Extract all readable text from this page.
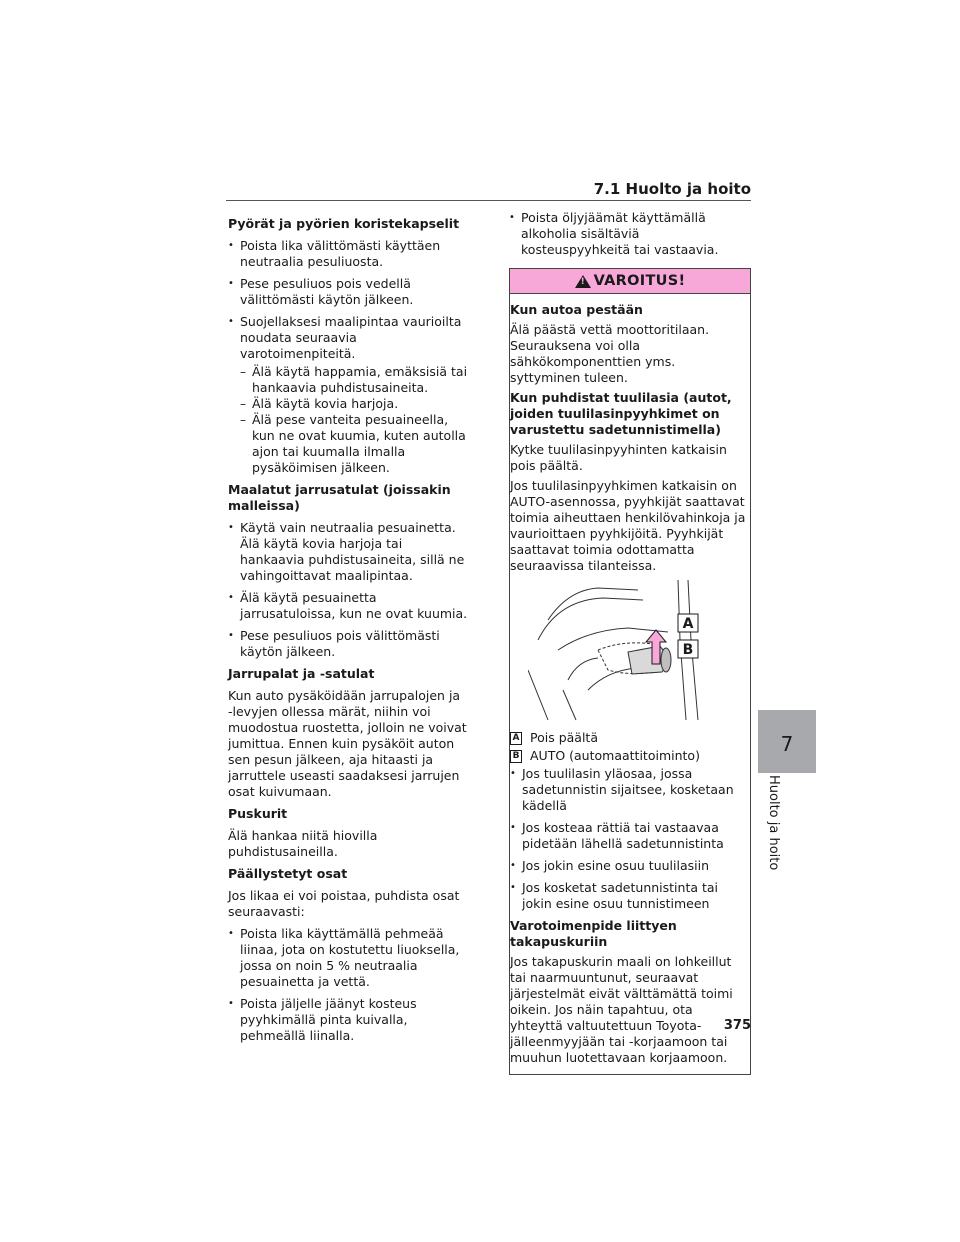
7.1 Huolto ja hoito
Pyörät ja pyörien koristekapselit
• Poista lika välittömästi käyttäen neutraalia pesuliuosta.
• Pese pesuliuos pois vedellä välittömästi käytön jälkeen.
• Suojellaksesi maalipintaa vaurioilta noudata seuraavia varotoimenpiteitä.
– Älä käytä happamia, emäksisiä tai hankaavia puhdistusaineita.
– Älä käytä kovia harjoja.
– Älä pese vanteita pesuaineella, kun ne ovat kuumia, kuten autolla ajon tai kuumalla ilmalla pysäköimisen jälkeen.
Maalatut jarrusatulat (joissakin malleissa)
• Käytä vain neutraalia pesuainetta. Älä käytä kovia harjoja tai hankaavia puhdistusaineita, sillä ne vahingoittavat maalipintaa.
• Älä käytä pesuainetta jarrusatuloissa, kun ne ovat kuumia.
• Pese pesuliuos pois välittömästi käytön jälkeen.
Jarrupalat ja -satulat

Kun auto pysäköidään jarrupalojen ja -levyjen ollessa märät, niihin voi muodostua ruostetta, jolloin ne voivat jumittua. Ennen kuin pysäköit auton sen pesun jälkeen, aja hitaasti ja jarruttele useasti saadaksesi jarrujen osat kuivumaan.

Puskurit

Älä hankaa niitä hiovilla puhdistusaineilla.

Päällystetyt osat

Jos likaa ei voi poistaa, puhdista osat seuraavasti:

• Poista lika käyttämällä pehmeää liinaa, jota on kostutettu liuoksella, jossa on noin 5 % neutraalia pesuainetta ja vettä.
• Poista jäljelle jäänyt kosteus pyyhkimällä pinta kuivalla, pehmeällä liinalla.
• Poista öljyjäämät käyttämällä alkoholia sisältäviä kosteuspyyhkeitä tai vastaavia.
! VAROITUS!
Kun autoa pestään

Älä päästä vettä moottoritilaan. Seurauksena voi olla sähkökomponenttien yms. syttyminen tuleen.

Kun puhdistat tuulilasia (autot, joiden tuulilasinpyyhkimet on varustettu sadetunnistimella)

Kytke tuulilasinpyyhinten katkaisin pois päältä.

Jos tuulilasinpyyhkimen katkaisin on AUTO-asennossa, pyyhkijät saattavat toimia aiheuttaen henkilövahinkoja ja vaurioittaen pyyhkijöitä. Pyyhkijät saattavat toimia odottamatta seuraavissa tilanteissa.

A
B
A Pois päältä
B AUTO (automaattitoiminto)
• Jos tuulilasin yläosaa, jossa sadetunnistin sijaitsee, kosketaan kädellä
• Jos kosteaa rättiä tai vastaavaa pidetään lähellä sadetunnistinta
• Jos jokin esine osuu tuulilasiin
• Jos kosketat sadetunnistinta tai jokin esine osuu tunnistimeen
Varotoimenpide liittyen takapuskuriin

Jos takapuskurin maali on lohkeillut tai naarmuuntunut, seuraavat järjestelmät eivät välttämättä toimi oikein. Jos näin tapahtuu, ota yhteyttä valtuutettuun Toyota-jälleenmyyjään tai -korjaamoon tai muuhun luotettavaan korjaamoon.

7
Huolto ja hoito
375
